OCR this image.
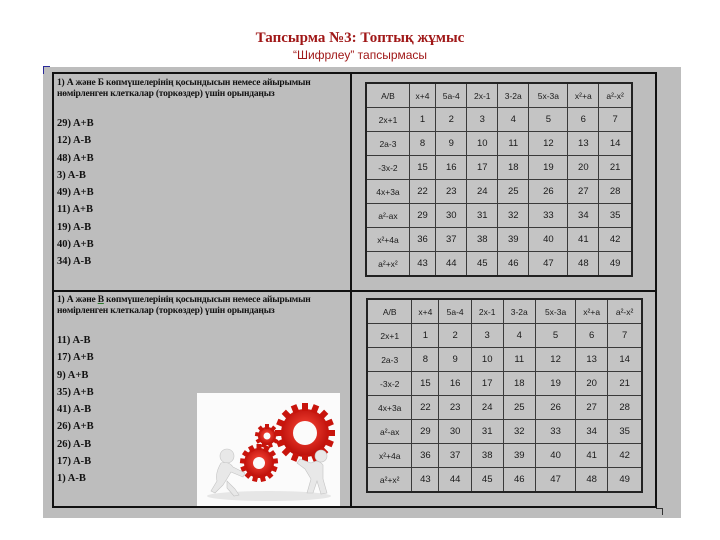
Тапсырма №3: Топтық жұмыс
“Шифрлеу” тапсырмасы
1) А және Б көпмүшелерінің қосындысын немесе айырымын нөмірленген клеткалар (торкөздер) үшін орындаңыз
29) A+B
12) A-B
48) A+B
3) A-B
49) A+B
11) A+B
19) A-B
40) A+B
34) A-B
1) А және В көпмүшелерінің қосындысын немесе айырымын нөмірленген клеткалар (торкөздер) үшін орындаңыз
11) A-B
17) A+B
9) A+B
35) A+B
41) A-B
26) A+B
26) A-B
17) A-B
1) A-B
A/B	x+4	5a-4	2x-1	3-2a	5x-3a	x²+a	a²-x²
2x+1	1	2	3	4	5	6	7
2a-3	8	9	10	11	12	13	14
-3x-2	15	16	17	18	19	20	21
4x+3a	22	23	24	25	26	27	28
a²-ax	29	30	31	32	33	34	35
x²+4a	36	37	38	39	40	41	42
a²+x²	43	44	45	46	47	48	49
A/B	x+4	5a-4	2x-1	3-2a	5x-3a	x²+a	a²-x²
2x+1	1	2	3	4	5	6	7
2a-3	8	9	10	11	12	13	14
-3x-2	15	16	17	18	19	20	21
4x+3a	22	23	24	25	26	27	28
a²-ax	29	30	31	32	33	34	35
x²+4a	36	37	38	39	40	41	42
a²+x²	43	44	45	46	47	48	49
